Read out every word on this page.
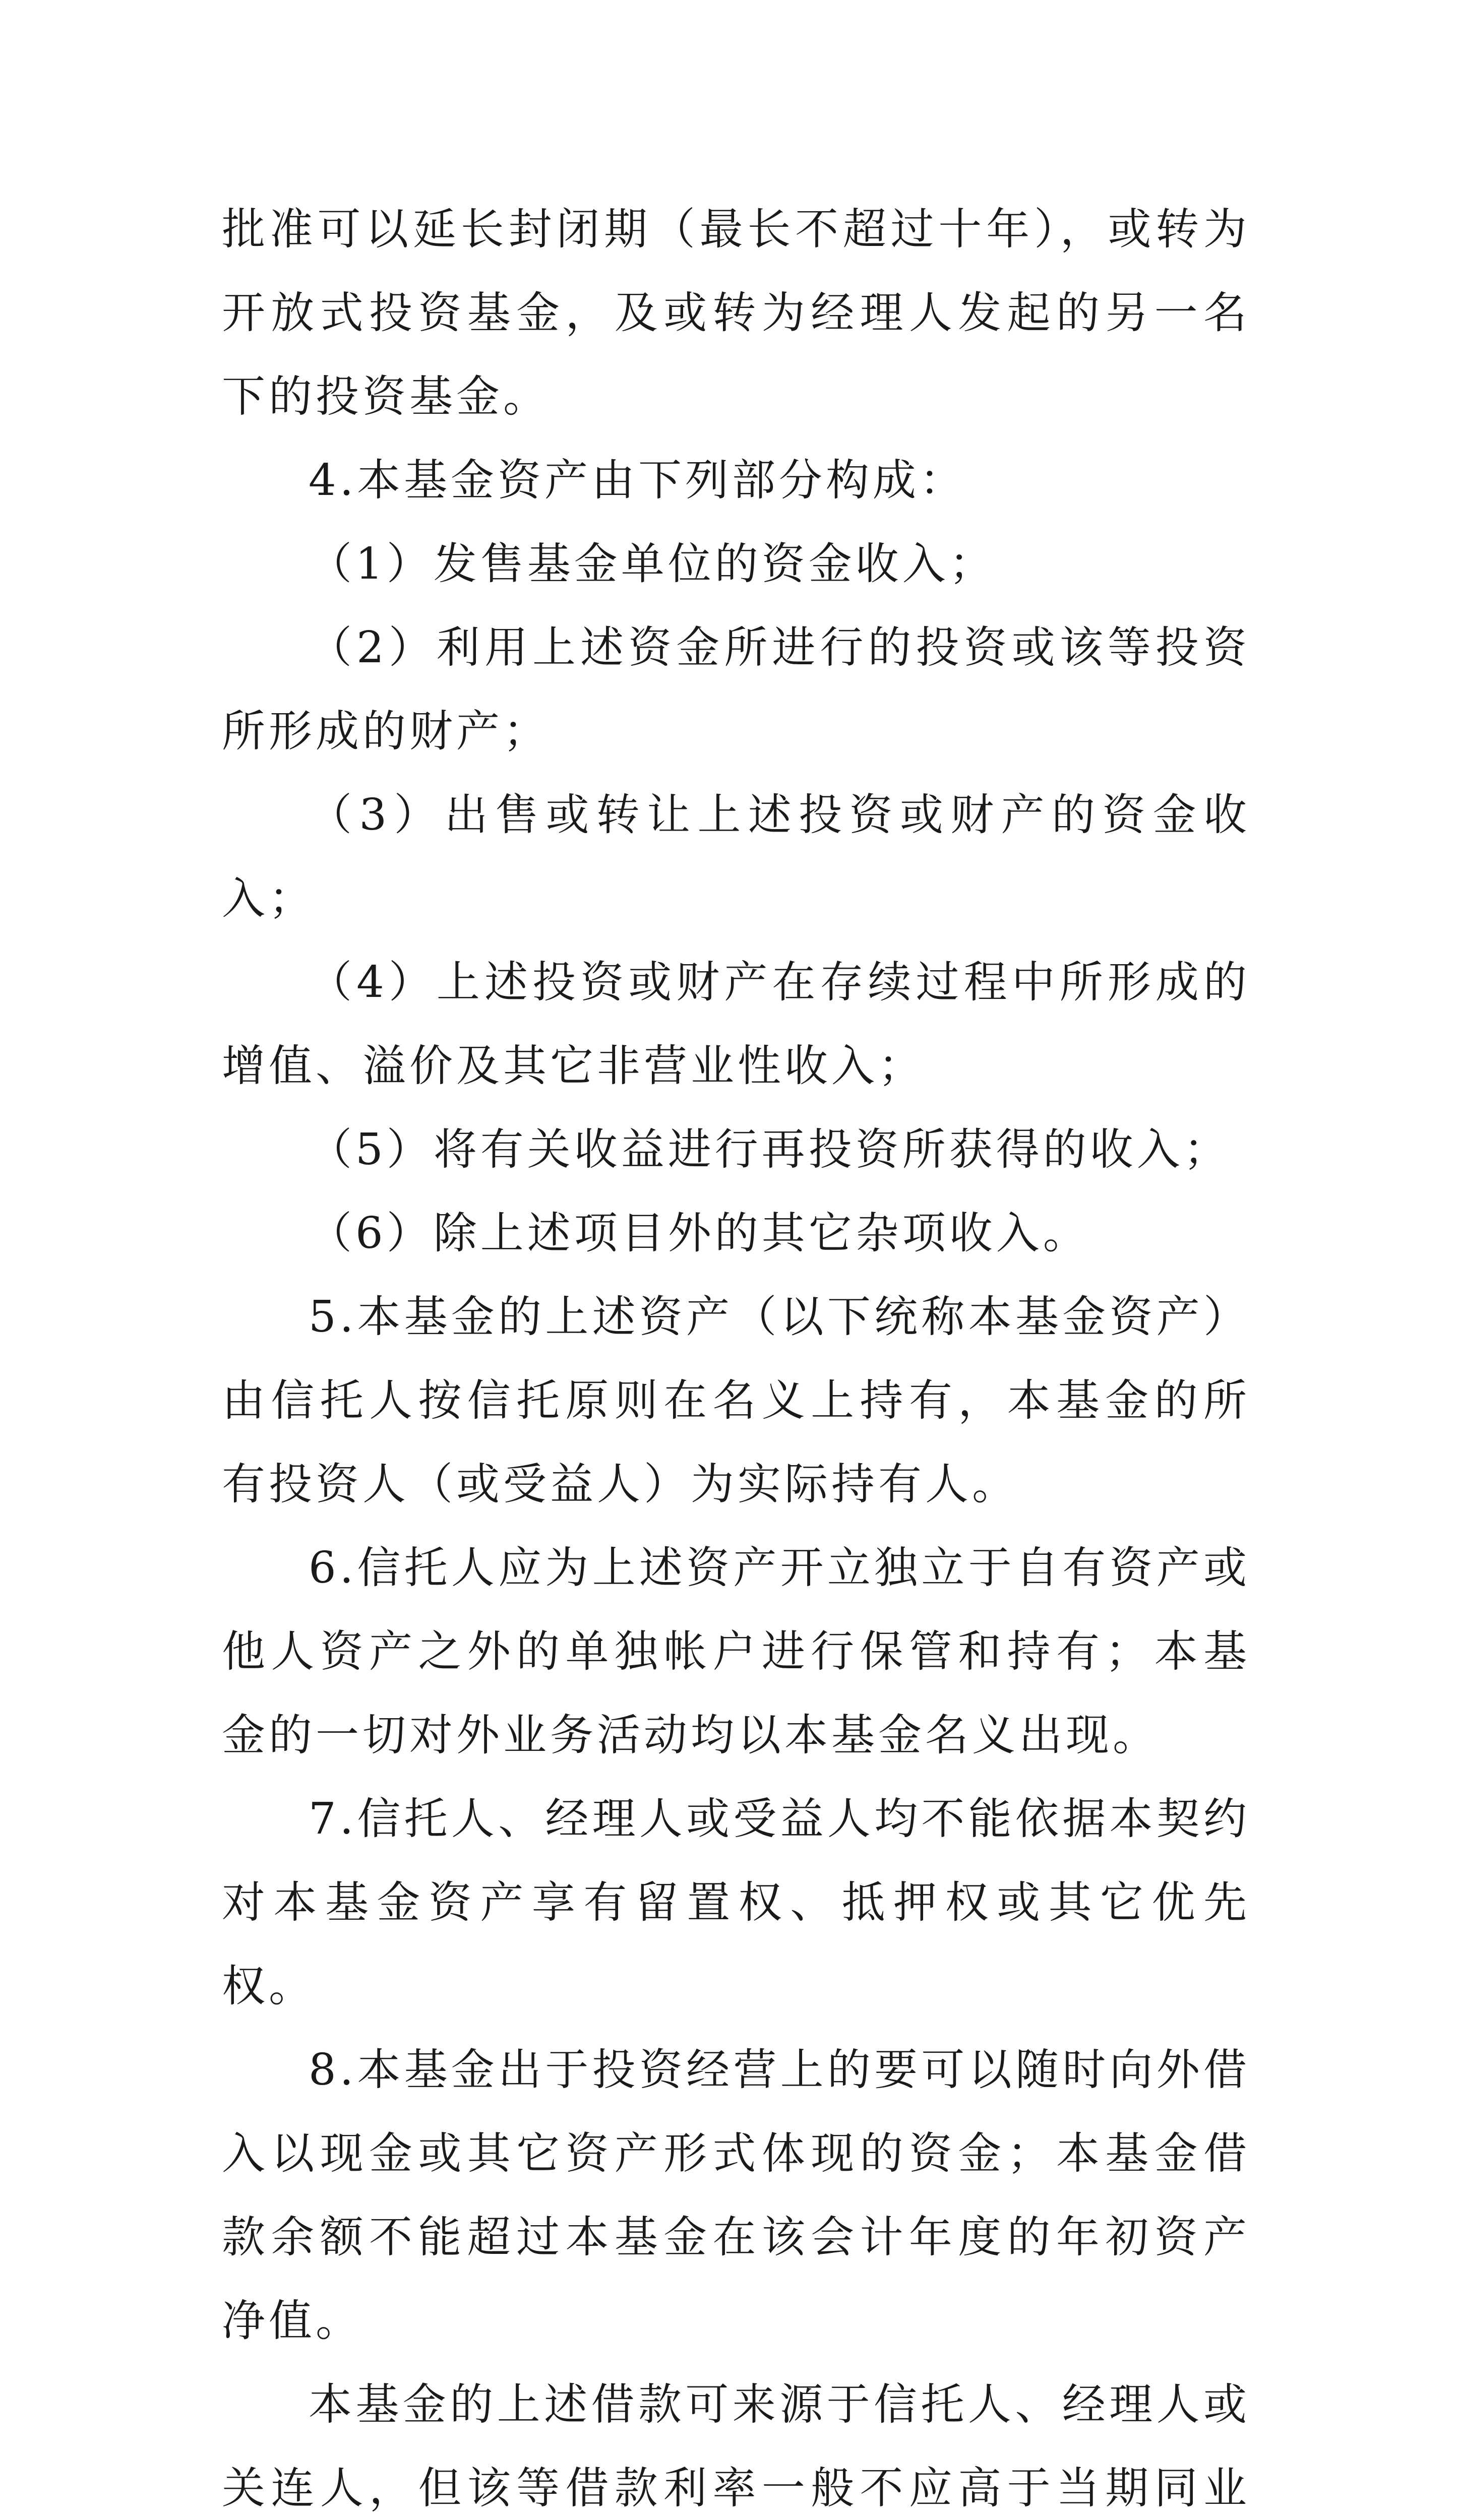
批准可以延长封闭期（最长不超过十年），或转为开放式投资基金，及或转为经理人发起的另一名下的投资基金。

4.本基金资产由下列部分构成：

（1）发售基金单位的资金收入；

（2）利用上述资金所进行的投资或该等投资所形成的财产；

（3）出售或转让上述投资或财产的资金收入；

（4）上述投资或财产在存续过程中所形成的增值、溢价及其它非营业性收入；

（5）将有关收益进行再投资所获得的收入；

（6）除上述项目外的其它杂项收入。

5.本基金的上述资产（以下统称本基金资产）由信托人按信托原则在名义上持有，本基金的所有投资人（或受益人）为实际持有人。

6.信托人应为上述资产开立独立于自有资产或他人资产之外的单独帐户进行保管和持有；本基金的一切对外业务活动均以本基金名义出现。

7.信托人、经理人或受益人均不能依据本契约对本基金资产享有留置权、抵押权或其它优先权。

8.本基金出于投资经营上的要可以随时向外借入以现金或其它资产形式体现的资金；本基金借款余额不能超过本基金在该会计年度的年初资产净值。

本基金的上述借款可来源于信托人、经理人或关连人，但该等借款利率一般不应高于当期同业
